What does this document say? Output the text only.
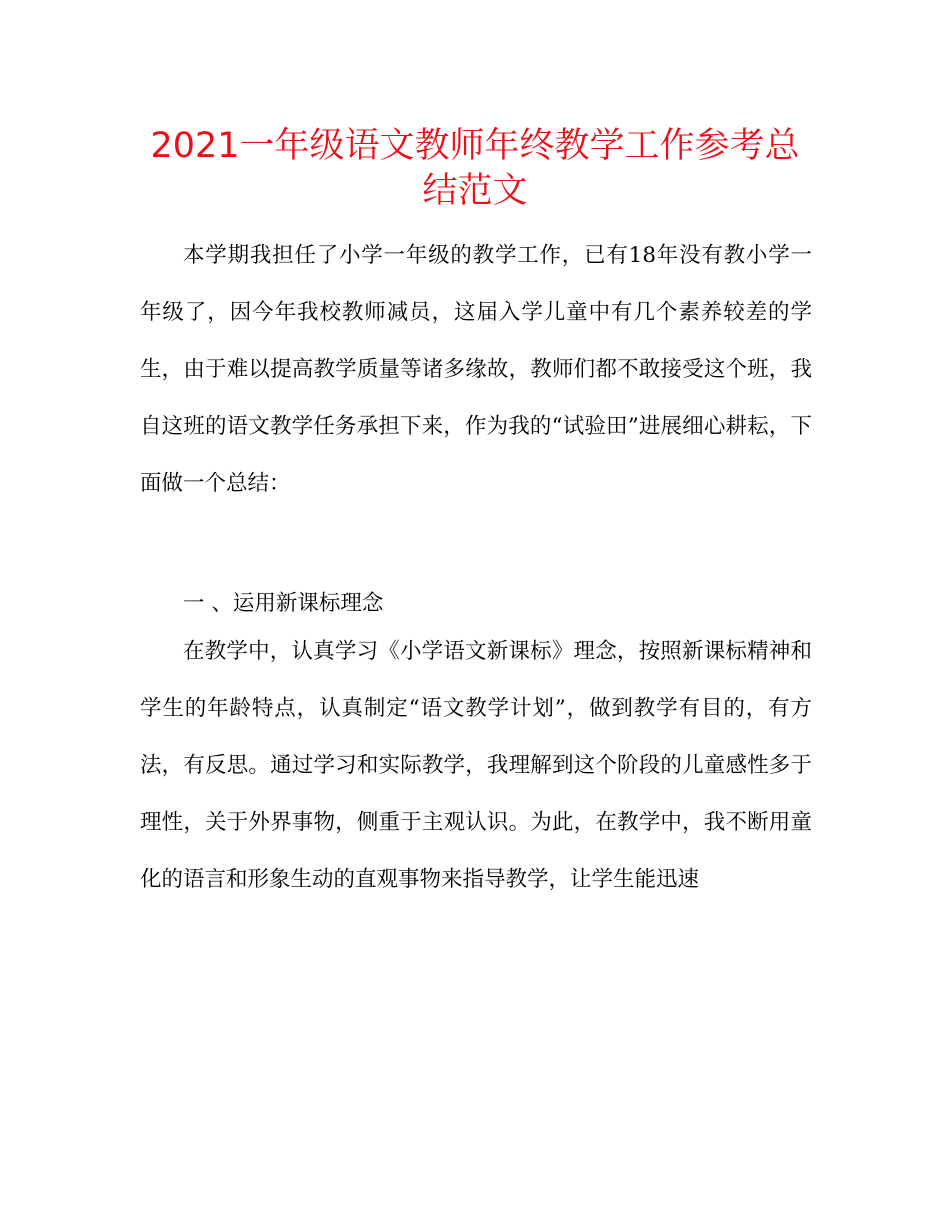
2021一年级语文教师年终教学工作参考总结范文

本学期我担任了小学一年级的教学工作，已有18年没有教小学一年级了，因今年我校教师减员，这届入学儿童中有几个素养较差的学生，由于难以提高教学质量等诸多缘故，教师们都不敢接受这个班，我自这班的语文教学任务承担下来，作为我的“试验田”进展细心耕耘，下面做一个总结：

一 、运用新课标理念

在教学中，认真学习《小学语文新课标》理念，按照新课标精神和学生的年龄特点，认真制定“语文教学计划”，做到教学有目的，有方法，有反思。通过学习和实际教学，我理解到这个阶段的儿童感性多于理性，关于外界事物，侧重于主观认识。为此，在教学中，我不断用童化的语言和形象生动的直观事物来指导教学，让学生能迅速
